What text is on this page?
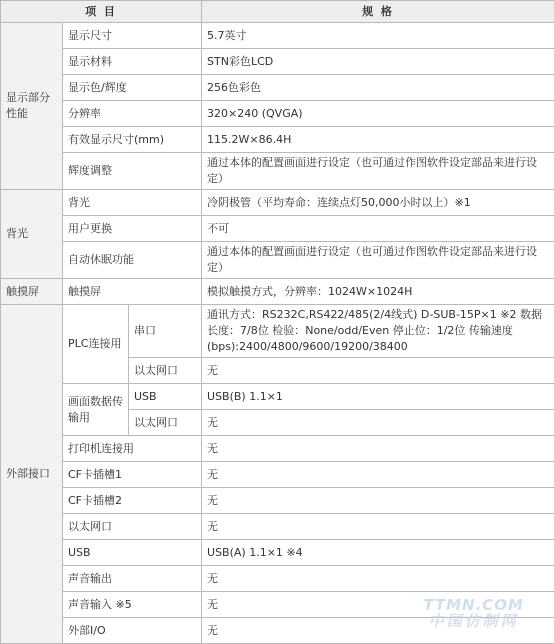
项 目			规 格
显示部分性能	显示尺寸		5.7英寸
	显示材料		STN彩色LCD
	显示色/辉度		256色彩色
	分辨率		320×240 (QVGA)
	有效显示尺寸(mm)		115.2W×86.4H
	辉度调整		通过本体的配置画面进行设定（也可通过作图软件设定部品来进行设定）
背光	背光		冷阴极管（平均寿命：连续点灯50,000小时以上）※1
	用户更换		不可
	自动休眠功能		通过本体的配置画面进行设定（也可通过作图软件设定部品来进行设定）
触摸屏	触摸屏		模拟触摸方式，分辨率：1024W×1024H
外部接口	PLC连接用	串口	通讯方式：RS232C,RS422/485(2/4线式) D-SUB-15P×1 ※2 数据长度：7/8位 检验：None/odd/Even 停止位：1/2位 传输速度(bps):2400/4800/9600/19200/38400
		以太网口	无
	画面数据传输用	USB	USB(B) 1.1×1
		以太网口	无
	打印机连接用		无
	CF卡插槽1		无
	CF卡插槽2		无
	以太网口		无
	USB		USB(A) 1.1×1 ※4
	声音输出		无
	声音输入 ※5		无
	外部I/O		无
TTMN.COM
中国仿制网
